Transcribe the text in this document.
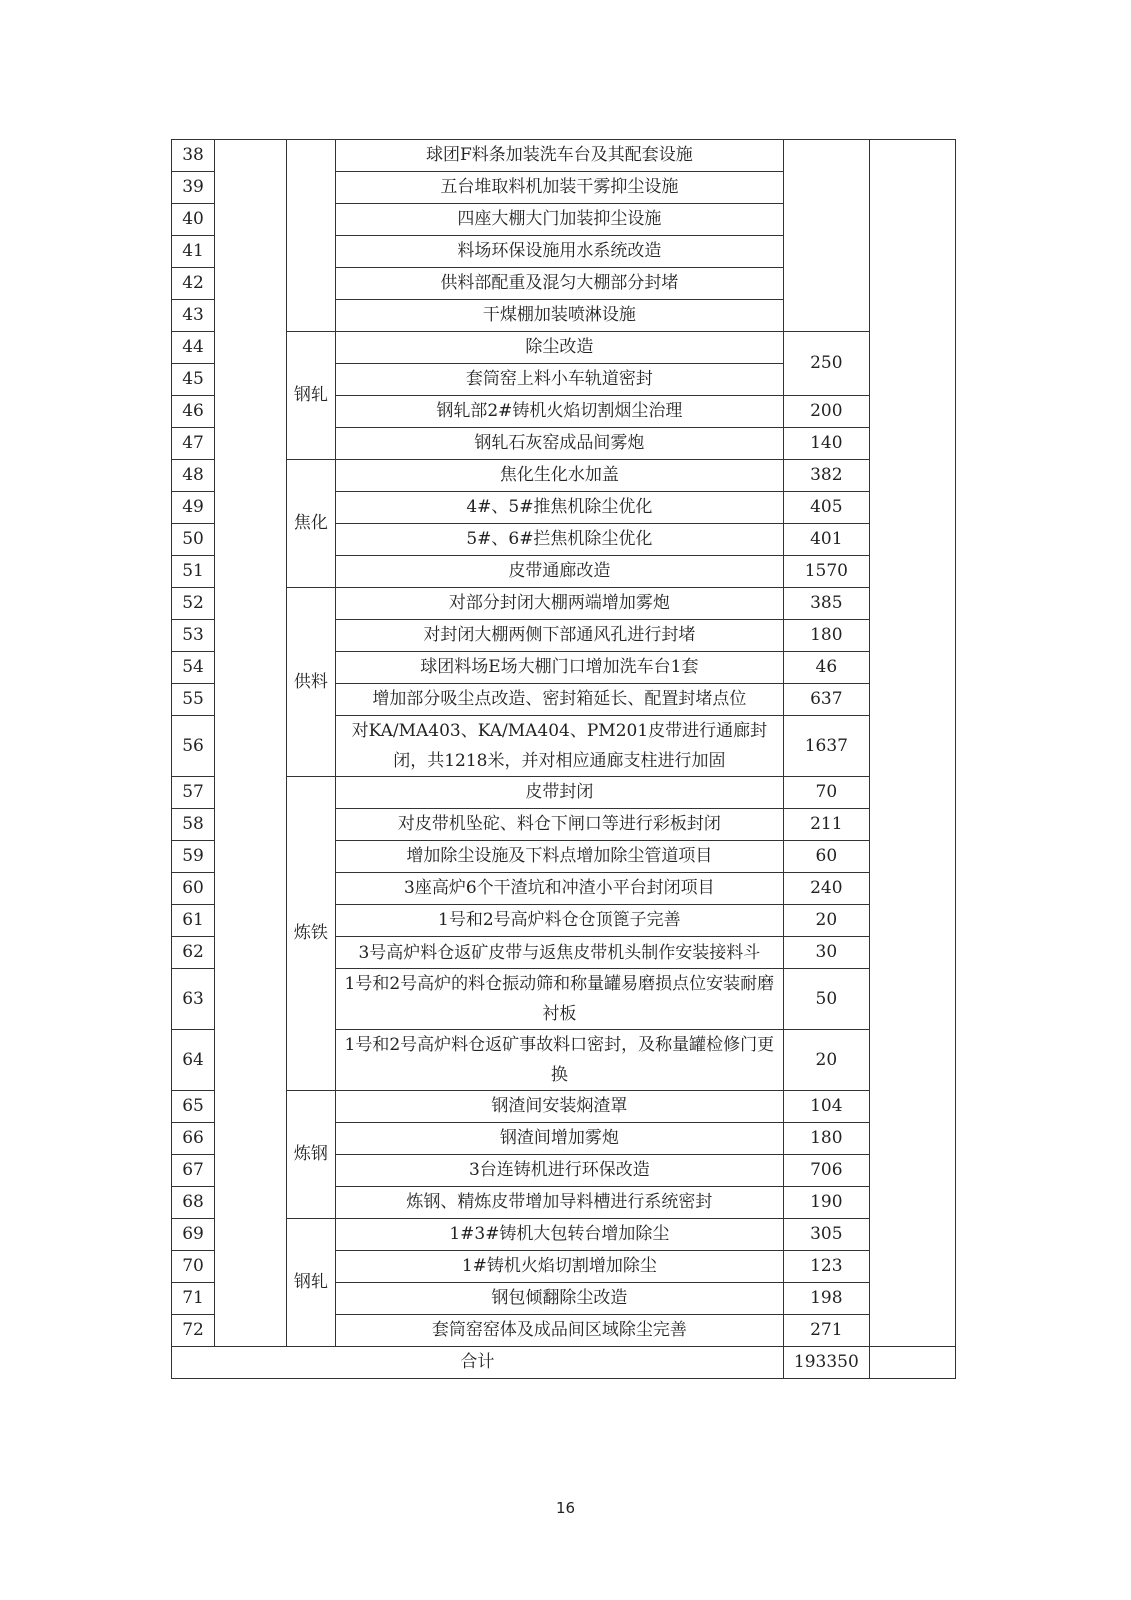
38			球团F料条加装洗车台及其配套设施		
39			五台堆取料机加装干雾抑尘设施		
40			四座大棚大门加装抑尘设施		
41			料场环保设施用水系统改造		
42			供料部配重及混匀大棚部分封堵		
43			干煤棚加装喷淋设施		
44		钢轧	除尘改造	250	
45			套筒窑上料小车轨道密封		
46			钢轧部2#铸机火焰切割烟尘治理	200	
47			钢轧石灰窑成品间雾炮	140	
48		焦化	焦化生化水加盖	382	
49			4#、5#推焦机除尘优化	405	
50			5#、6#拦焦机除尘优化	401	
51			皮带通廊改造	1570	
52		供料	对部分封闭大棚两端增加雾炮	385	
53			对封闭大棚两侧下部通风孔进行封堵	180	
54			球团料场E场大棚门口增加洗车台1套	46	
55			增加部分吸尘点改造、密封箱延长、配置封堵点位	637	
56			对KA/MA403、KA/MA404、PM201皮带进行通廊封闭，共1218米，并对相应通廊支柱进行加固	1637	
57		炼铁	皮带封闭	70	
58			对皮带机坠砣、料仓下闸口等进行彩板封闭	211	
59			增加除尘设施及下料点增加除尘管道项目	60	
60			3座高炉6个干渣坑和冲渣小平台封闭项目	240	
61			1号和2号高炉料仓仓顶篦子完善	20	
62			3号高炉料仓返矿皮带与返焦皮带机头制作安装接料斗	30	
63			1号和2号高炉的料仓振动筛和称量罐易磨损点位安装耐磨衬板	50	
64			1号和2号高炉料仓返矿事故料口密封，及称量罐检修门更换	20	
65		炼钢	钢渣间安装焖渣罩	104	
66			钢渣间增加雾炮	180	
67			3台连铸机进行环保改造	706	
68			炼钢、精炼皮带增加导料槽进行系统密封	190	
69		钢轧	1#3#铸机大包转台增加除尘	305	
70			1#铸机火焰切割增加除尘	123	
71			钢包倾翻除尘改造	198	
72			套筒窑窑体及成品间区域除尘完善	271	
合计				193350	
16
